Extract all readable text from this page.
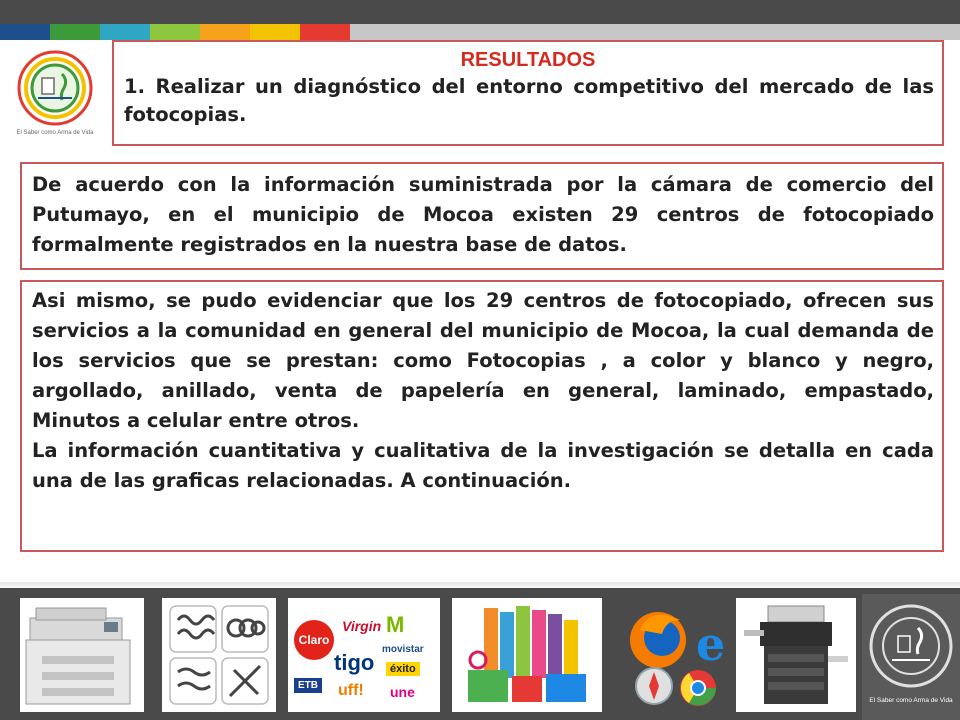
El Saber como Arma de Vida
RESULTADOS
1. Realizar un diagnóstico del entorno competitivo del mercado de las fotocopias.
De acuerdo con la información suministrada por la cámara de comercio del Putumayo, en el municipio de Mocoa existen 29 centros de fotocopiado formalmente registrados en la nuestra base de datos.
Asi mismo, se pudo evidenciar que los 29 centros de fotocopiado, ofrecen sus servicios a la comunidad en general del municipio de Mocoa, la cual demanda de los servicios que se prestan: como Fotocopias , a color y blanco y negro, argollado, anillado, venta de papelería en general, laminado, empastado, Minutos a celular entre otros.
La información cuantitativa y cualitativa de la investigación se detalla en cada una de las graficas relacionadas. A continuación.
Claro
Virgin M
movistar
tigo	éxito
ETB uff! une
e
El Saber como Arma de Vida
